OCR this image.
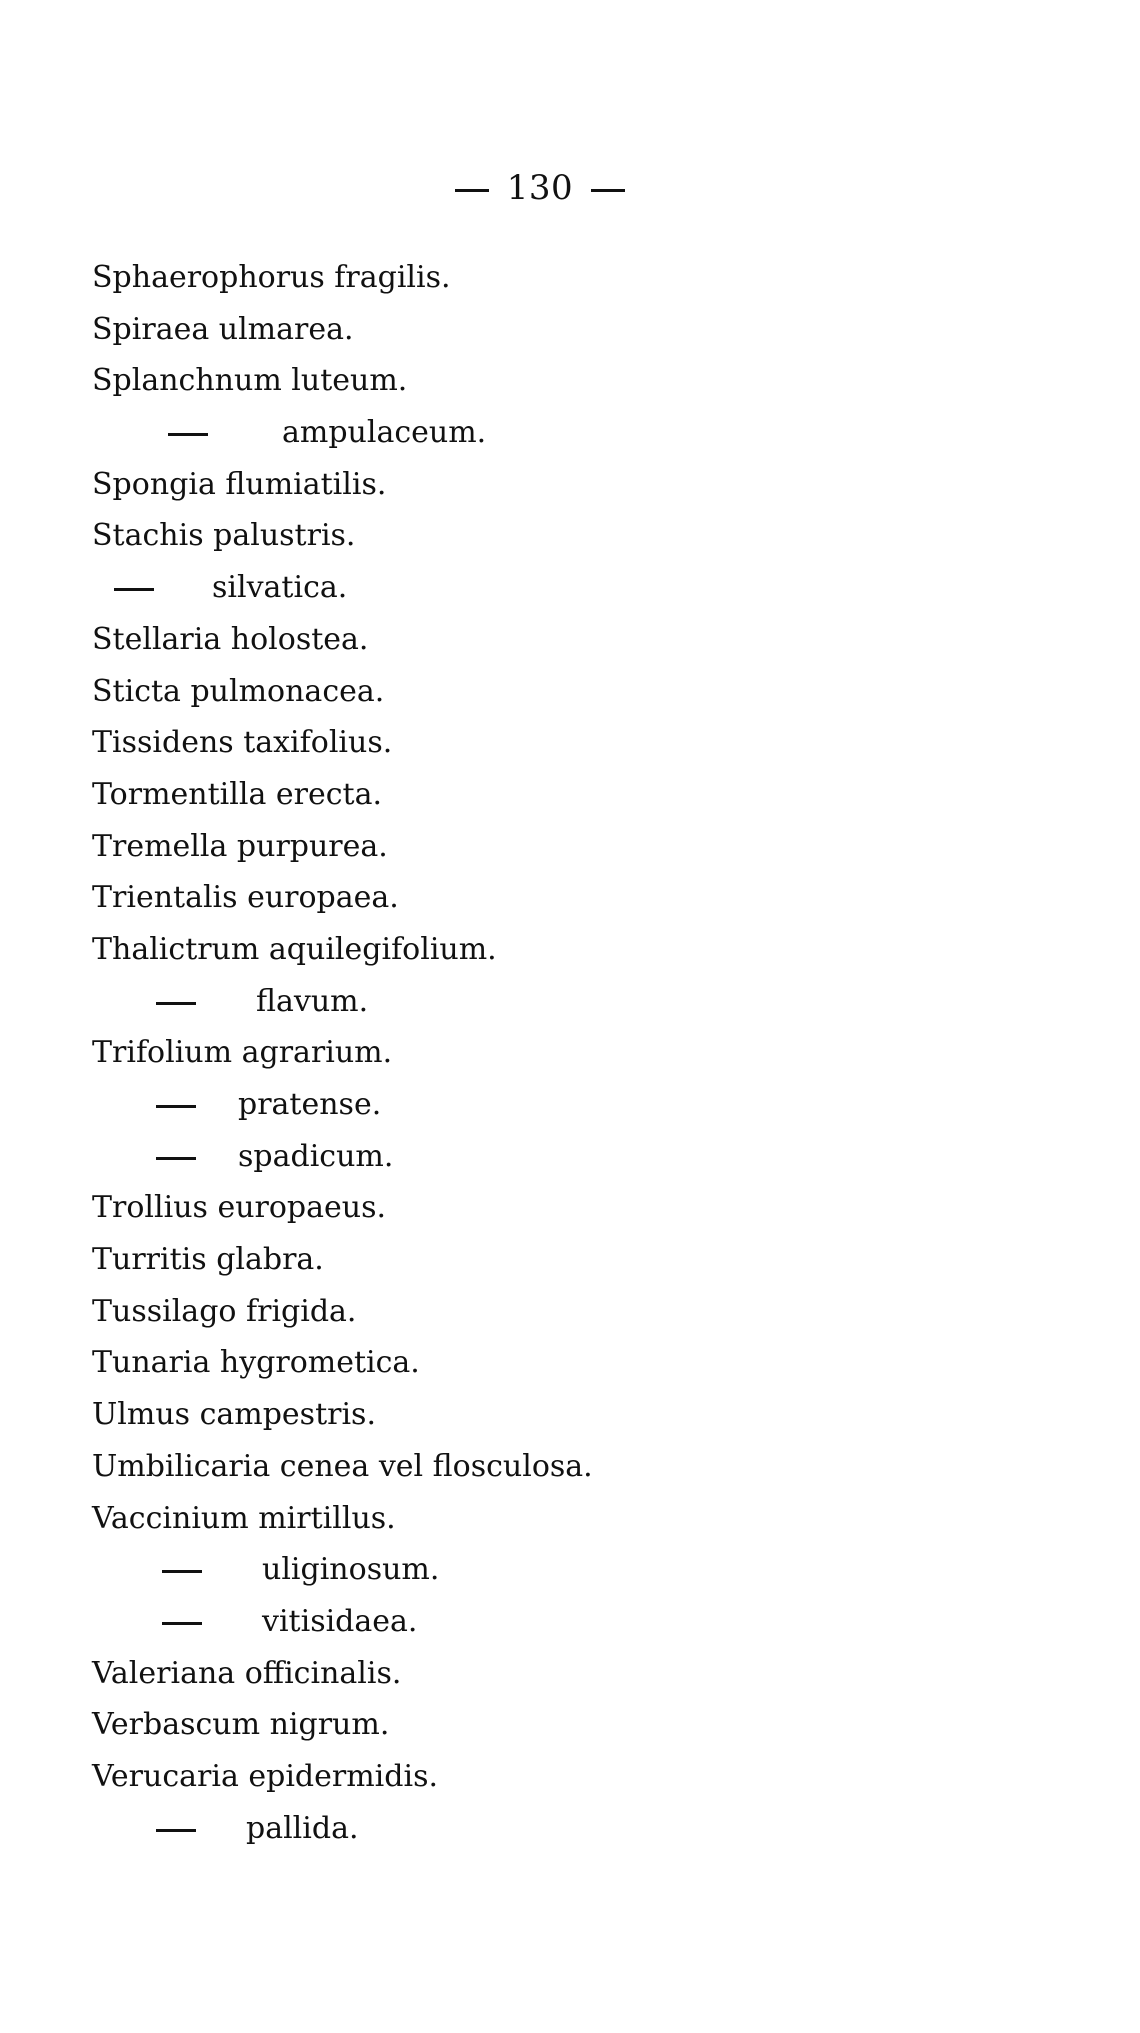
130
Sphaerophorus fragilis.
Spiraea ulmarea.
Splanchnum luteum.
ampulaceum.
Spongia flumiatilis.
Stachis palustris.
silvatica.
Stellaria holostea.
Sticta pulmonacea.
Tissidens taxifolius.
Tormentilla erecta.
Tremella purpurea.
Trientalis europaea.
Thalictrum aquilegifolium.
flavum.
Trifolium agrarium.
pratense.
spadicum.
Trollius europaeus.
Turritis glabra.
Tussilago frigida.
Tunaria hygrometica.
Ulmus campestris.
Umbilicaria cenea vel flosculosa.
Vaccinium mirtillus.
uliginosum.
vitisidaea.
Valeriana officinalis.
Verbascum nigrum.
Verucaria epidermidis.
pallida.
